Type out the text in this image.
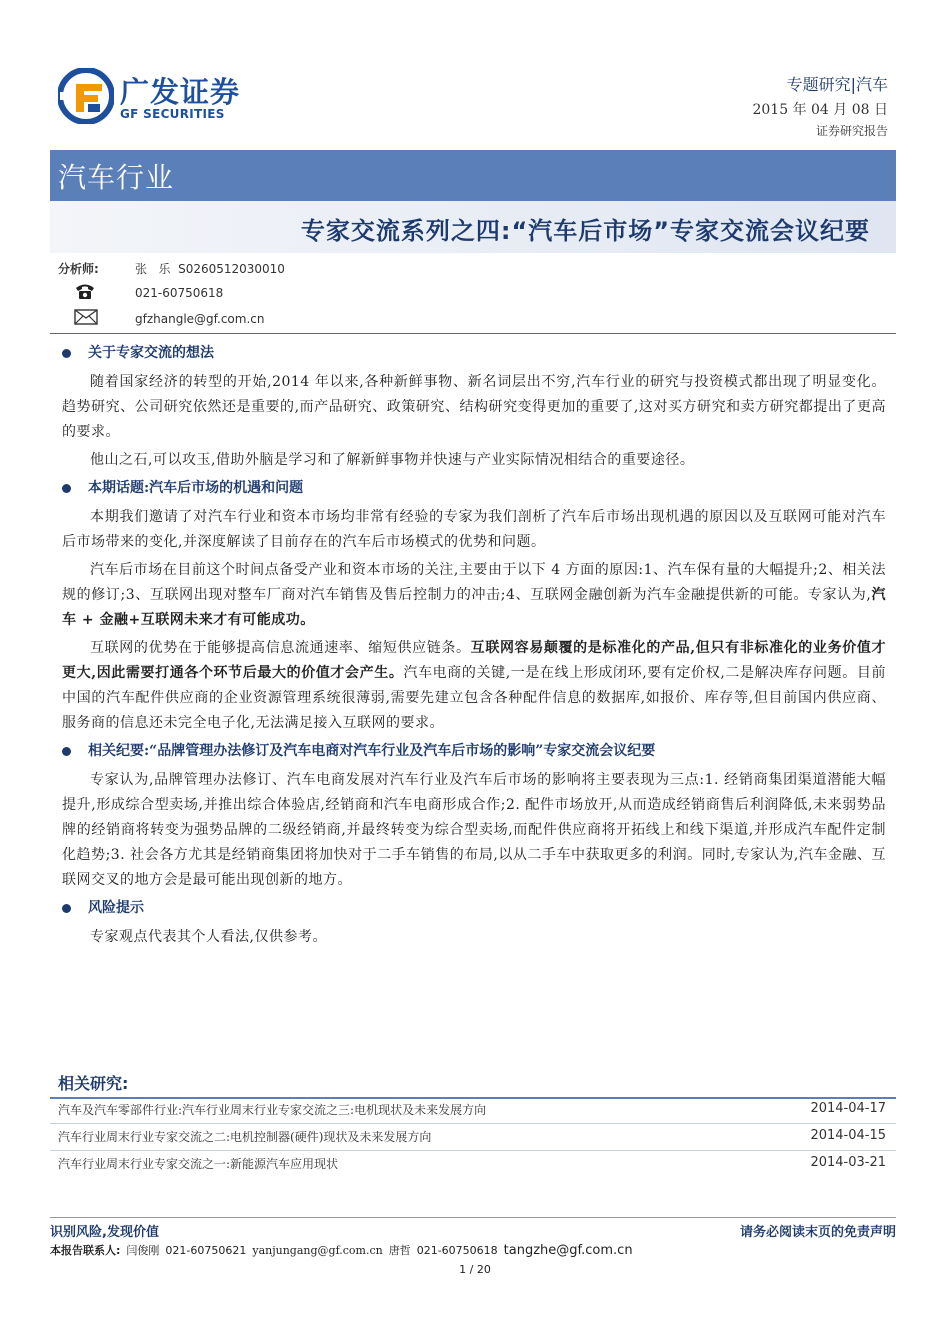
广发证券
GF SECURITIES
专题研究|汽车
2015 年 04 月 08 日
证券研究报告
汽车行业
专家交流系列之四:“汽车后市场”专家交流会议纪要
分析师:	张   乐  S0260512030010
021-60750618
gfzhangle@gf.com.cn
关于专家交流的想法

随着国家经济的转型的开始,2014 年以来,各种新鲜事物、新名词层出不穷,汽车行业的研究与投资模式都出现了明显变化。趋势研究、公司研究依然还是重要的,而产品研究、政策研究、结构研究变得更加的重要了,这对买方研究和卖方研究都提出了更高的要求。

他山之石,可以攻玉,借助外脑是学习和了解新鲜事物并快速与产业实际情况相结合的重要途径。

本期话题:汽车后市场的机遇和问题

本期我们邀请了对汽车行业和资本市场均非常有经验的专家为我们剖析了汽车后市场出现机遇的原因以及互联网可能对汽车后市场带来的变化,并深度解读了目前存在的汽车后市场模式的优势和问题。

汽车后市场在目前这个时间点备受产业和资本市场的关注,主要由于以下 4 方面的原因:1、汽车保有量的大幅提升;2、相关法规的修订;3、互联网出现对整车厂商对汽车销售及售后控制力的冲击;4、互联网金融创新为汽车金融提供新的可能。专家认为,汽车 + 金融+互联网未来才有可能成功。

互联网的优势在于能够提高信息流通速率、缩短供应链条。互联网容易颠覆的是标准化的产品,但只有非标准化的业务价值才更大,因此需要打通各个环节后最大的价值才会产生。汽车电商的关键,一是在线上形成闭环,要有定价权,二是解决库存问题。目前中国的汽车配件供应商的企业资源管理系统很薄弱,需要先建立包含各种配件信息的数据库,如报价、库存等,但目前国内供应商、服务商的信息还未完全电子化,无法满足接入互联网的要求。

相关纪要:“品牌管理办法修订及汽车电商对汽车行业及汽车后市场的影响”专家交流会议纪要

专家认为,品牌管理办法修订、汽车电商发展对汽车行业及汽车后市场的影响将主要表现为三点:1. 经销商集团渠道潜能大幅提升,形成综合型卖场,并推出综合体验店,经销商和汽车电商形成合作;2. 配件市场放开,从而造成经销商售后利润降低,未来弱势品牌的经销商将转变为强势品牌的二级经销商,并最终转变为综合型卖场,而配件供应商将开拓线上和线下渠道,并形成汽车配件定制化趋势;3. 社会各方尤其是经销商集团将加快对于二手车销售的布局,以从二手车中获取更多的利润。同时,专家认为,汽车金融、互联网交叉的地方会是最可能出现创新的地方。

风险提示

专家观点代表其个人看法,仅供参考。

相关研究:
汽车及汽车零部件行业:汽车行业周末行业专家交流之三:电机现状及未来发展方向	2014-04-17
汽车行业周末行业专家交流之二:电机控制器(硬件)现状及未来发展方向	2014-04-15
汽车行业周末行业专家交流之一:新能源汽车应用现状	2014-03-21
识别风险,发现价值	请务必阅读末页的免责声明
本报告联系人: 闫俊刚 021-60750621 yanjungang@gf.com.cn 唐哲 021-60750618 tangzhe@gf.com.cn
1 / 20
